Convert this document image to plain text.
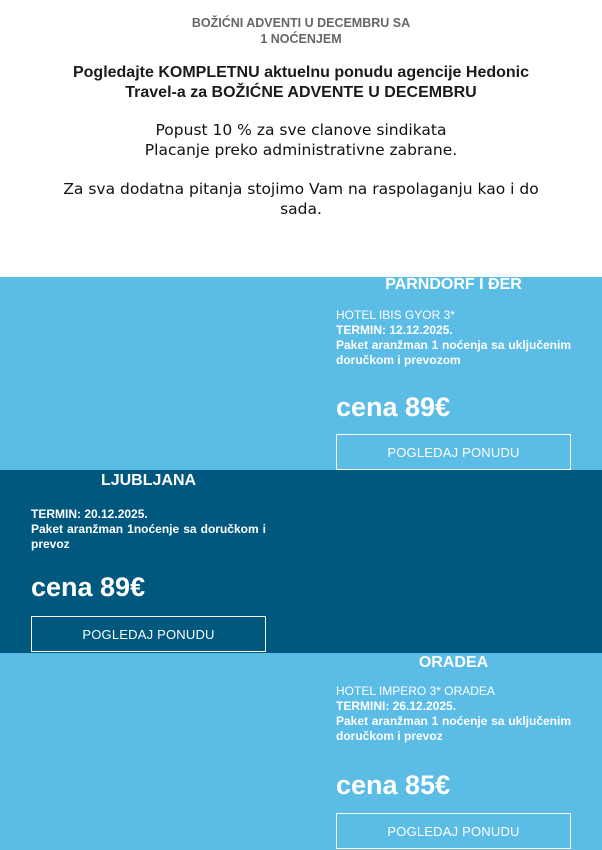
BOŽIĆNI ADVENTI U DECEMBRU SA
1 NOĆENJEM
Pogledajte KOMPLETNU aktuelnu ponudu agencije Hedonic
Travel-a za BOŽIĆNE ADVENTE U DECEMBRU
Popust 10 % za sve clanove sindikata
Placanje preko administrativne zabrane.
Za sva dodatna pitanja stojimo Vam na raspolaganju kao i do
sada.
PARNDORF I ĐER
HOTEL IBIS GYOR 3*
TERMIN: 12.12.2025.
Paket aranžman 1 noćenja sa uključenim doručkom i prevozom
cena 89€
POGLEDAJ PONUDU
LJUBLJANA
TERMIN: 20.12.2025.
Paket aranžman 1noćenje sa doručkom i prevoz
cena 89€
POGLEDAJ PONUDU
ORADEA
HOTEL IMPERO 3* ORADEA
TERMINI: 26.12.2025.
Paket aranžman 1 noćenje sa uključenim doručkom i prevoz
cena 85€
POGLEDAJ PONUDU
